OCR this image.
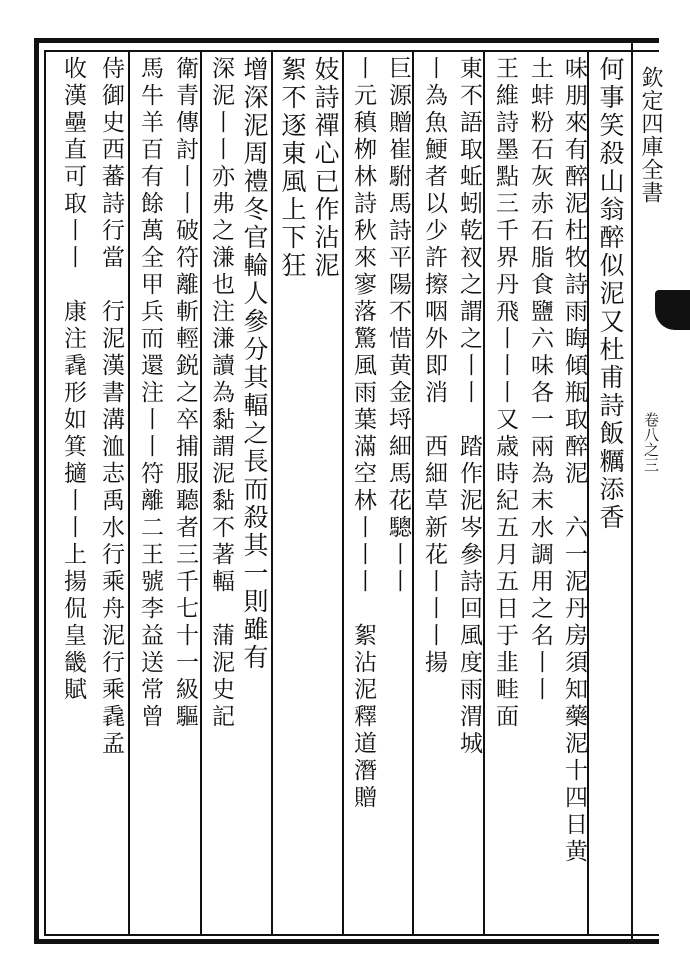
欽定四庫全書
卷八之三
何事笑殺山翁醉似泥又杜甫詩飯糲添香
味朋來有醉泥杜牧詩雨晦傾瓶取醉泥　六一泥丹房須知藥泥十四日黄
土蚌粉石灰赤石脂食鹽六味各一兩為末水調用之名丨丨
王維詩墨點三千界丹飛丨丨丨又歳時紀五月五日于韭畦面
東不語取蚯蚓乾衩之謂之丨丨　踏作泥岑參詩回風度雨渭城
丨為魚鯁者以少許擦咽外即消　西細草新花丨丨丨揚
巨源贈崔駙馬詩平陽不惜黄金埒細馬花驄丨丨
丨元稹栁林詩秋來寥落驚風雨葉滿空林丨丨丨　絮沾泥釋道潛贈
妓詩禪心已作沾泥
絮不逐東風上下狂
增深泥周禮冬官輪人參分其輻之長而殺其一則雖有
深泥丨丨亦弗之溓也注溓讀為黏謂泥黏不著輻　蒲泥史記
衛青傳討丨丨破符離斬輕鋭之卒捕服聽者三千七十一級驅
馬牛羊百有餘萬全甲兵而還注丨丨符離二王號李益送常曾
侍御史西蕃詩行當　行泥漢書溝洫志禹水行乘舟泥行乘毳孟
收漢壘直可取丨丨　康注毳形如箕擿丨丨上揚侃皇畿賦
